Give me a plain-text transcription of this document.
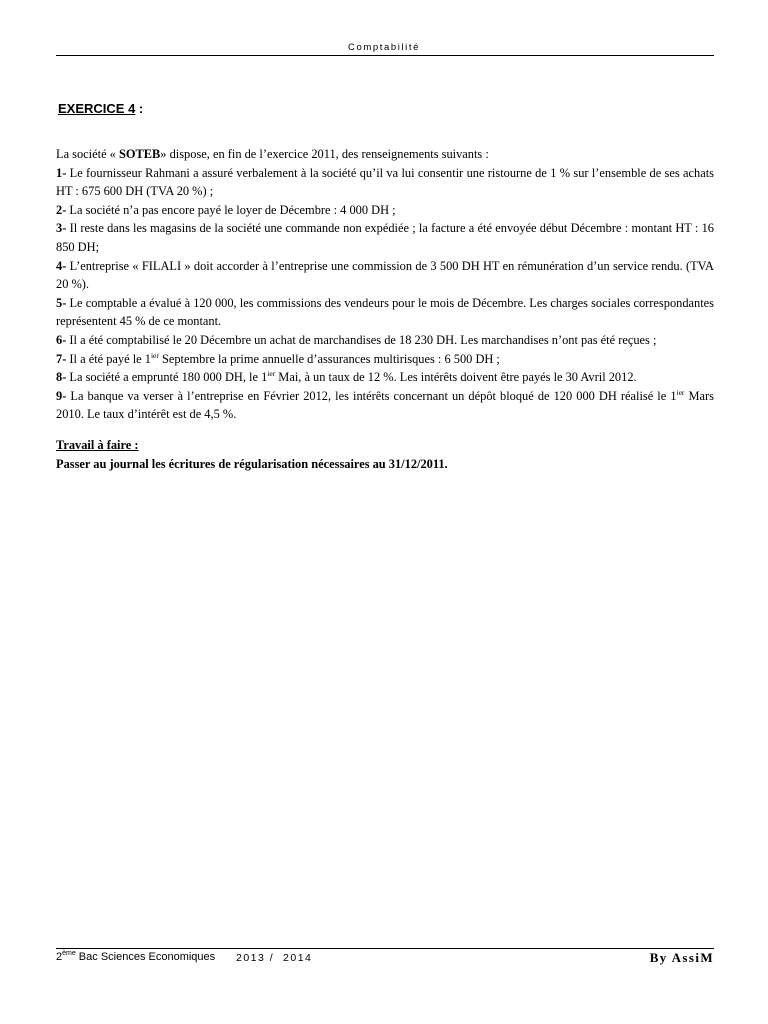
Comptabilité
EXERCICE 4 :

La société « SOTEB» dispose, en fin de l’exercice 2011, des renseignements suivants :

1- Le fournisseur Rahmani a assuré verbalement à la société qu’il va lui consentir une ristourne de 1 % sur l’ensemble de ses achats HT : 675 600 DH (TVA 20 %) ;

2- La société n’a pas encore payé le loyer de Décembre : 4 000 DH ;

3- Il reste dans les magasins de la société une commande non expédiée ; la facture a été envoyée début Décembre : montant HT : 16 850 DH;

4- L’entreprise « FILALI » doit accorder à l’entreprise une commission de 3 500 DH HT en rémunération d’un service rendu. (TVA 20 %).

5- Le comptable a évalué à 120 000, les commissions des vendeurs pour le mois de Décembre. Les charges sociales correspondantes représentent 45 % de ce montant.

6- Il a été comptabilisé le 20 Décembre un achat de marchandises de 18 230 DH. Les marchandises n’ont pas été reçues ;

7- Il a été payé le $1^{ier}$ Septembre la prime annuelle d’assurances multirisques : 6 500 DH ;

8- La société a emprunté 180 000 DH, le $1^{ier}$ Mai, à un taux de 12 %. Les intérêts doivent être payés le 30 Avril 2012.

9- La banque va verser à l’entreprise en Février 2012, les intérêts concernant un dépôt bloqué de 120 000 DH réalisé le $1^{ier}$ Mars 2010. Le taux d’intérêt est de 4,5 %.

Travail à faire :
Passer au journal les écritures de régularisation nécessaires au 31/12/2011.
2ème Bac Sciences Economiques 2013 /  2014	By AssiM
